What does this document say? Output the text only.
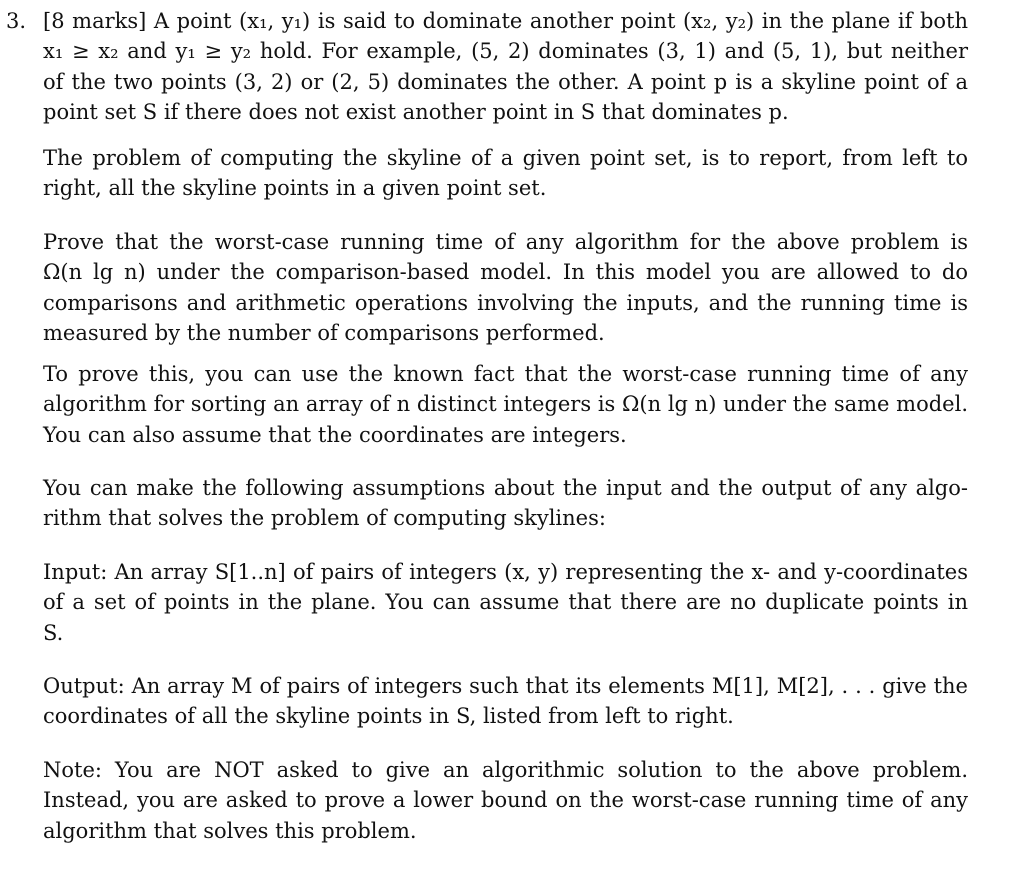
3. [8 marks] A point (x₁, y₁) is said to dominate another point (x₂, y₂) in the plane if both
x₁ ≥ x₂ and y₁ ≥ y₂ hold. For example, (5, 2) dominates (3, 1) and (5, 1), but neither
of the two points (3, 2) or (2, 5) dominates the other. A point p is a skyline point of a
point set S if there does not exist another point in S that dominates p.
The problem of computing the skyline of a given point set, is to report, from left to
right, all the skyline points in a given point set.
Prove that the worst-case running time of any algorithm for the above problem is
Ω(n lg n) under the comparison-based model. In this model you are allowed to do
comparisons and arithmetic operations involving the inputs, and the running time is
measured by the number of comparisons performed.
To prove this, you can use the known fact that the worst-case running time of any
algorithm for sorting an array of n distinct integers is Ω(n lg n) under the same model.
You can also assume that the coordinates are integers.
You can make the following assumptions about the input and the output of any algo-
rithm that solves the problem of computing skylines:
Input: An array S[1..n] of pairs of integers (x, y) representing the x- and y-coordinates
of a set of points in the plane. You can assume that there are no duplicate points in
S.
Output: An array M of pairs of integers such that its elements M[1], M[2], . . . give the
coordinates of all the skyline points in S, listed from left to right.
Note: You are NOT asked to give an algorithmic solution to the above problem.
Instead, you are asked to prove a lower bound on the worst-case running time of any
algorithm that solves this problem.
